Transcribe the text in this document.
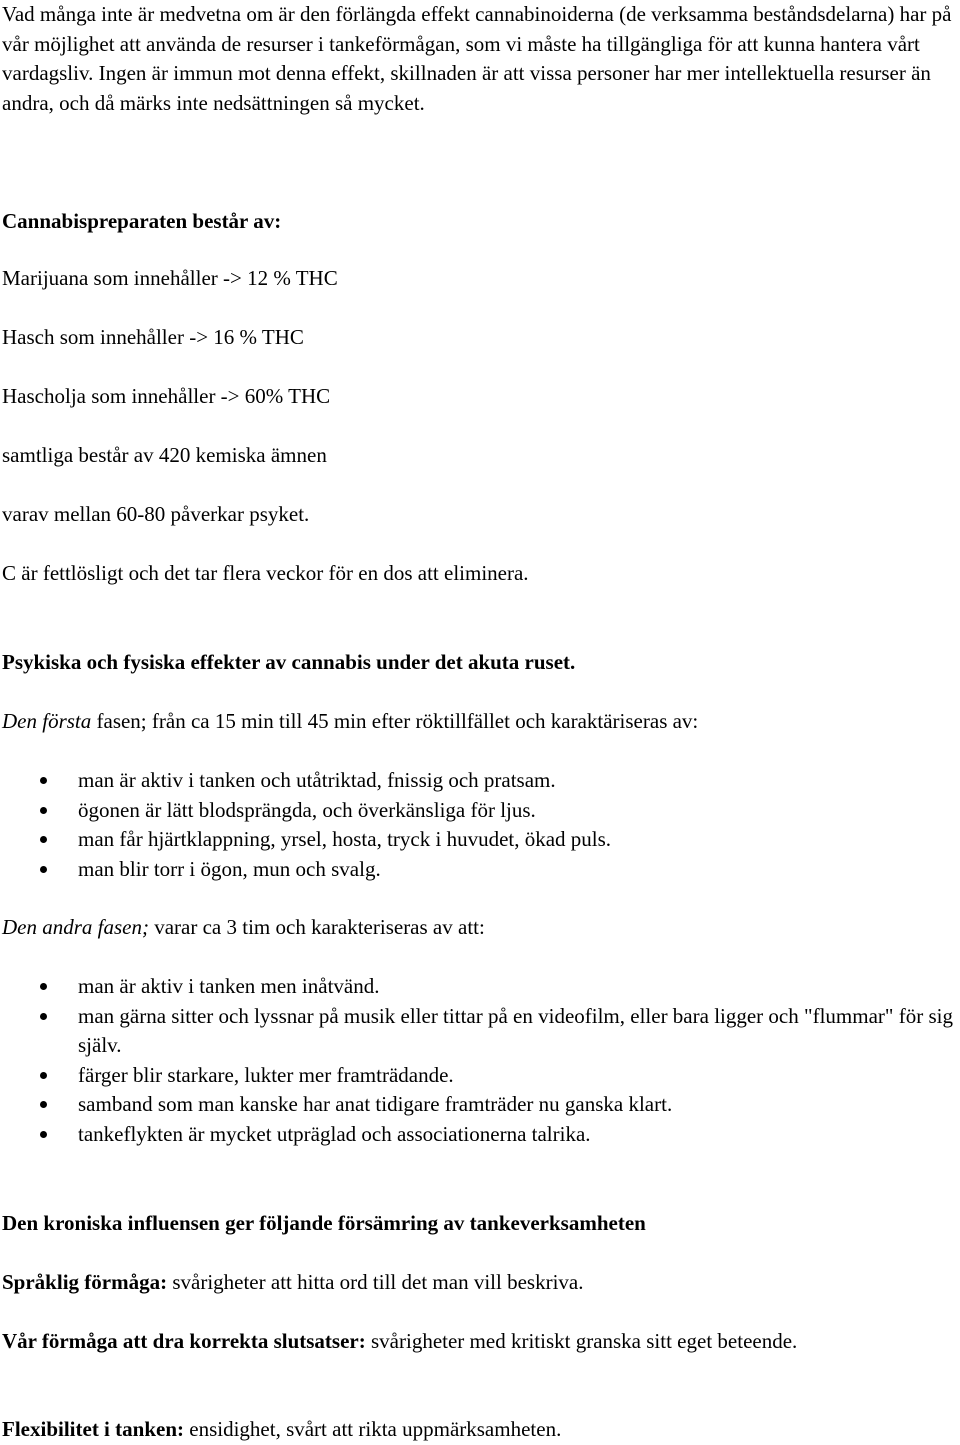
Vad många inte är medvetna om är den förlängda effekt cannabinoiderna (de verksamma beståndsdelarna) har på vår möjlighet att använda de resurser i tankeförmågan, som vi måste ha tillgängliga för att kunna hantera vårt vardagsliv. Ingen är immun mot denna effekt, skillnaden är att vissa personer har mer intellektuella resurser än andra, och då märks inte nedsättningen så mycket.

Cannabispreparaten består av:

Marijuana som innehåller -> 12 % THC

Hasch som innehåller -> 16 % THC

Hascholja som innehåller -> 60% THC

samtliga består av 420 kemiska ämnen

varav mellan 60-80 påverkar psyket.

C är fettlösligt och det tar flera veckor för en dos att eliminera.

Psykiska och fysiska effekter av cannabis under det akuta ruset.

Den första fasen; från ca 15 min till 45 min efter röktillfället och karaktäriseras av:

man är aktiv i tanken och utåtriktad, fnissig och pratsam.
ögonen är lätt blodsprängda, och överkänsliga för ljus.
man får hjärtklappning, yrsel, hosta, tryck i huvudet, ökad puls.
man blir torr i ögon, mun och svalg.

Den andra fasen; varar ca 3 tim och karakteriseras av att:

man är aktiv i tanken men inåtvänd.
man gärna sitter och lyssnar på musik eller tittar på en videofilm, eller bara ligger och "flummar" för sig själv.
färger blir starkare, lukter mer framträdande.
samband som man kanske har anat tidigare framträder nu ganska klart.
tankeflykten är mycket utpräglad och associationerna talrika.

Den kroniska influensen ger följande försämring av tankeverksamheten

Språklig förmåga: svårigheter att hitta ord till det man vill beskriva.

Vår förmåga att dra korrekta slutsatser: svårigheter med kritiskt granska sitt eget beteende.

Flexibilitet i tanken: ensidighet, svårt att rikta uppmärksamheten.
